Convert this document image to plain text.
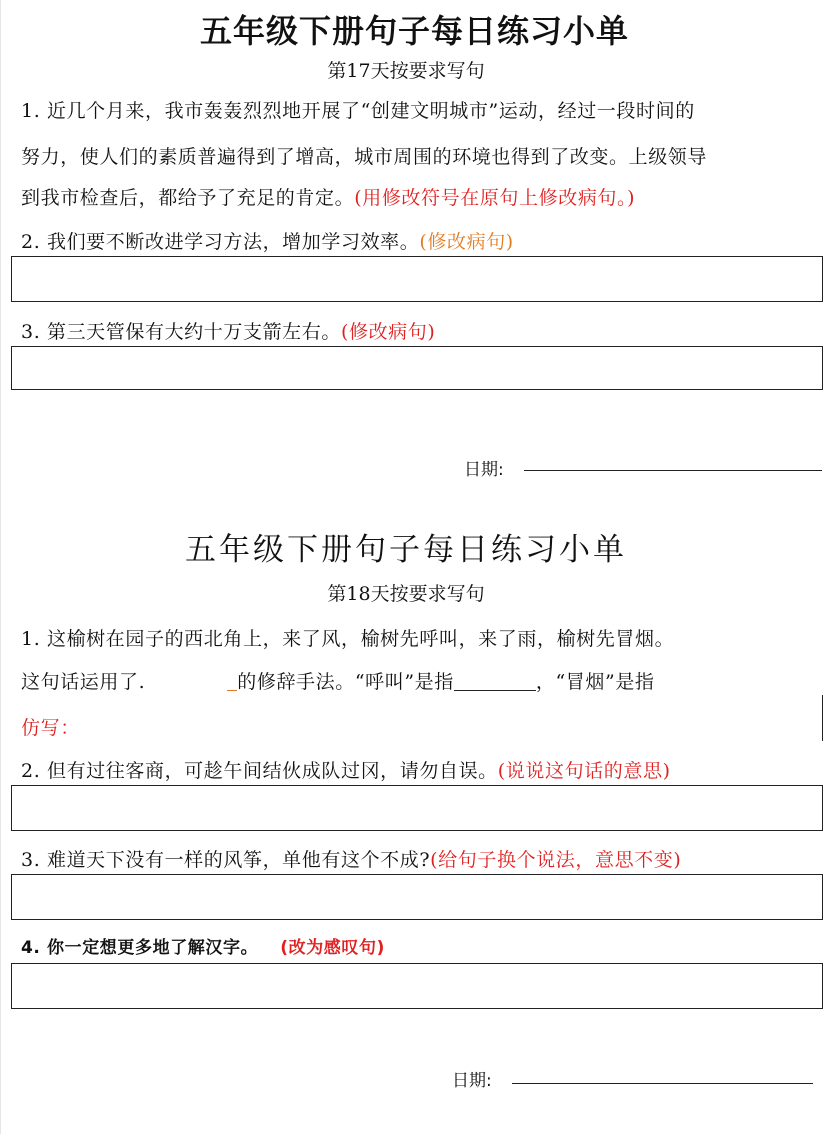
五年级下册句子每日练习小单
第17天按要求写句
1. 近几个月来，我市轰轰烈烈地开展了“创建文明城市”运动，经过一段时间的
努力，使人们的素质普遍得到了增高，城市周围的环境也得到了改变。上级领导
到我市检查后，都给予了充足的肯定。(用修改符号在原句上修改病句。)
2. 我们要不断改进学习方法，增加学习效率。(修改病句)
3. 第三天管保有大约十万支箭左右。(修改病句)
日期:
五年级下册句子每日练习小单
第18天按要求写句
1. 这榆树在园子的西北角上，来了风，榆树先呼叫，来了雨，榆树先冒烟。
这句话运用了.	的修辞手法。“呼叫”是指	，“冒烟”是指
仿写：
2. 但有过往客商，可趁午间结伙成队过冈，请勿自误。(说说这句话的意思)
3. 难道天下没有一样的风筝，单他有这个不成?(给句子换个说法，意思不变)
4. 你一定想更多地了解汉字。 (改为感叹句)
日期:
